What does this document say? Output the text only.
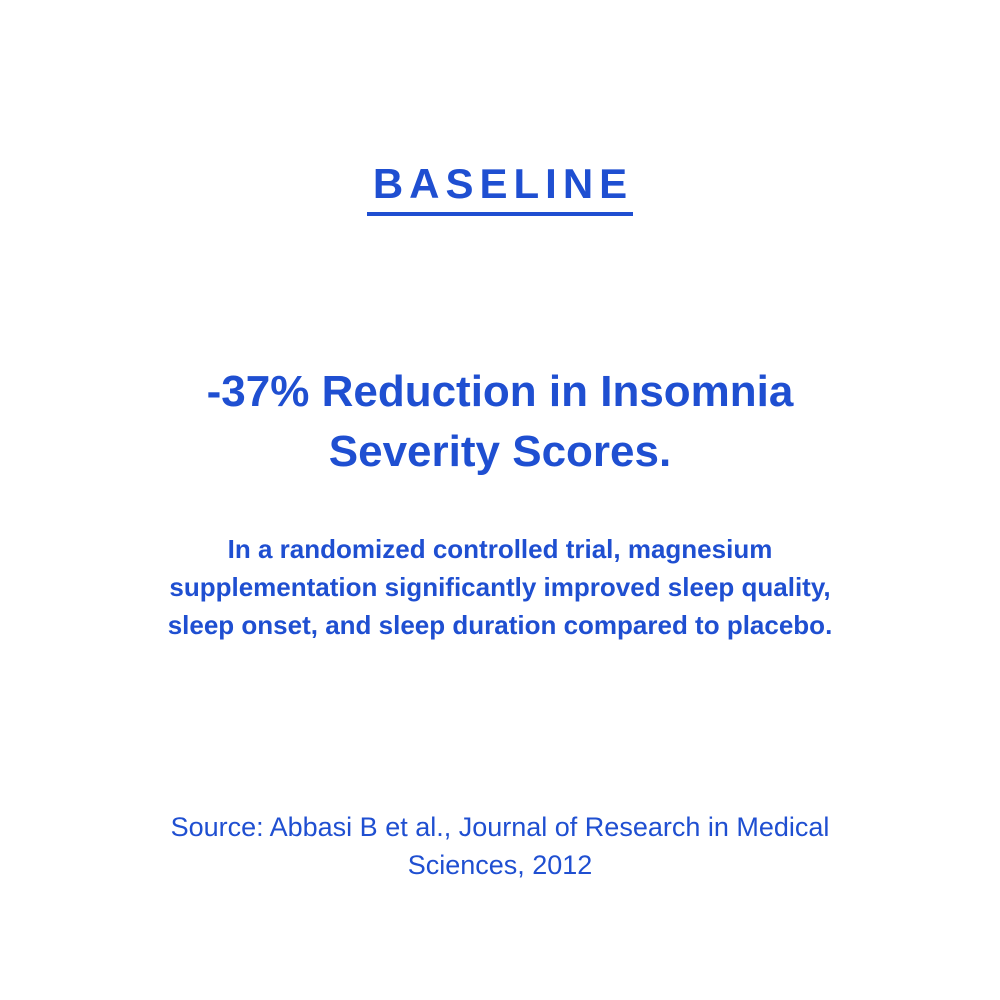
BASELINE
-37% Reduction in Insomnia
Severity Scores.

In a randomized controlled trial, magnesium
supplementation significantly improved sleep quality,
sleep onset, and sleep duration compared to placebo.

Source: Abbasi B et al., Journal of Research in Medical
Sciences, 2012
